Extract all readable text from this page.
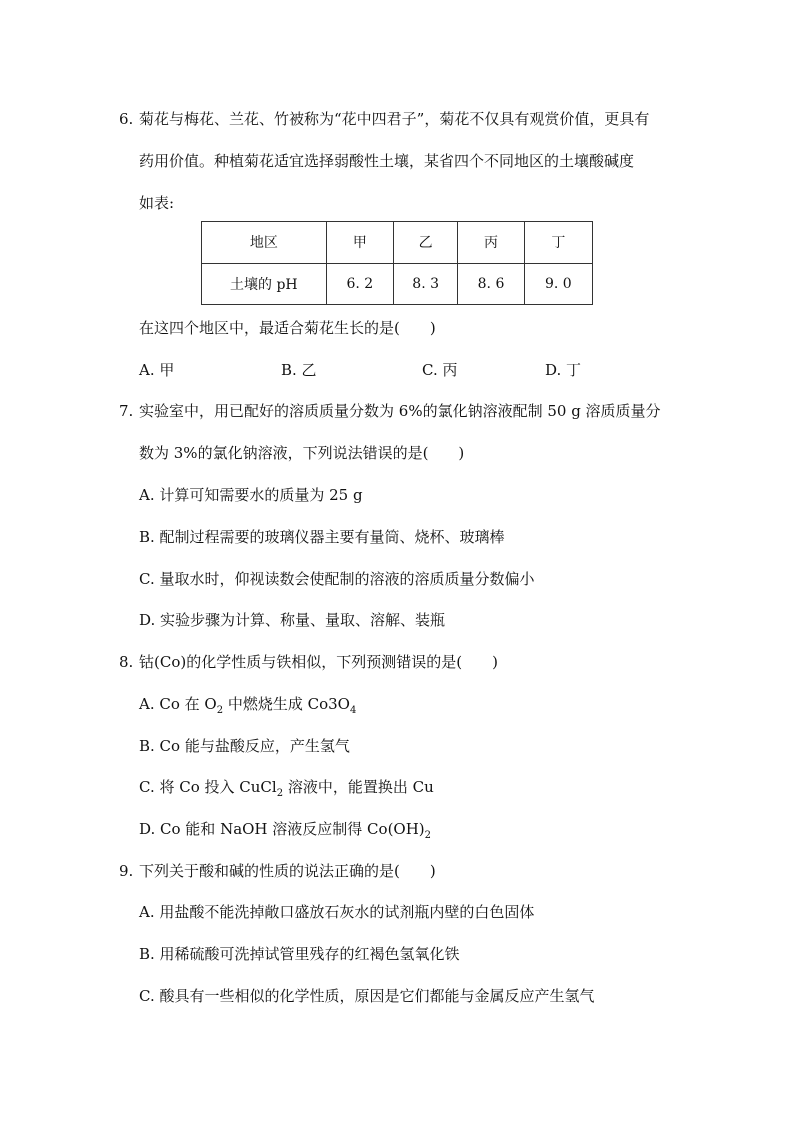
6. 菊花与梅花、兰花、竹被称为“花中四君子”，菊花不仅具有观赏价值，更具有
药用价值。种植菊花适宜选择弱酸性土壤，某省四个不同地区的土壤酸碱度
如表:
地区	甲	乙	丙	丁
土壤的 pH	6. 2	8. 3	8. 6	9. 0
在这四个地区中，最适合菊花生长的是(　　)
A. 甲	B. 乙	C. 丙	D. 丁
7. 实验室中，用已配好的溶质质量分数为 6%的氯化钠溶液配制 50 g 溶质质量分
数为 3%的氯化钠溶液，下列说法错误的是(　　)
A. 计算可知需要水的质量为 25 g
B. 配制过程需要的玻璃仪器主要有量筒、烧杯、玻璃棒
C. 量取水时，仰视读数会使配制的溶液的溶质质量分数偏小
D. 实验步骤为计算、称量、量取、溶解、装瓶
8. 钴(Co)的化学性质与铁相似，下列预测错误的是(　　)
A. Co 在 $O_2$ 中燃烧生成 $Co3O_4$
B. Co 能与盐酸反应，产生氢气
C. 将 Co 投入 CuCl$_2$ 溶液中，能置换出 Cu
D. Co 能和 NaOH 溶液反应制得 $Co(OH)_2$
9. 下列关于酸和碱的性质的说法正确的是(　　)
A. 用盐酸不能洗掉敞口盛放石灰水的试剂瓶内壁的白色固体
B. 用稀硫酸可洗掉试管里残存的红褐色氢氧化铁
C. 酸具有一些相似的化学性质，原因是它们都能与金属反应产生氢气
